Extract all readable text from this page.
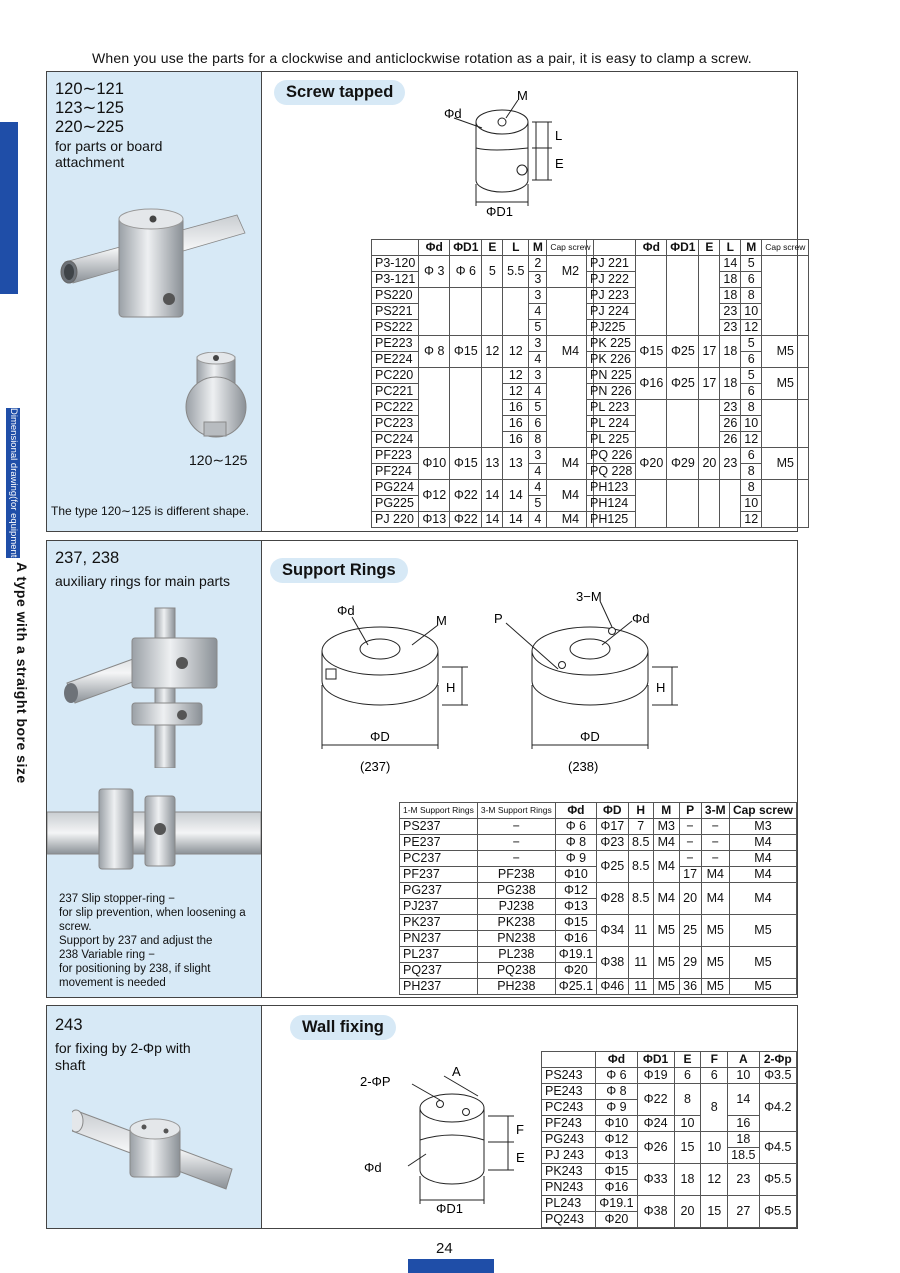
When you use the parts for a clockwise and anticlockwise rotation as a pair, it is easy to clamp a screw.
Dimensional drawing(for equipment-related)
A type with a straight bore size
120∼121
123∼125
220∼225
for parts or board
attachment
120∼125
The type 120∼125 is different shape.
Screw tapped	M
Φd
L
E
ΦD1
	Φd	ΦD1	E	L	M	Cap screw
P3-120	Φ 3	Φ 6	5	5.5	2	M2
P3-121					3	
PS220					3	
PS221					4	
PS222					5	
PE223	Φ 8	Φ15	12	12	3	M4
PE224					4	
PC220				12	3	
PC221				12	4	
PC222				16	5	
PC223				16	6	
PC224				16	8	
PF223	Φ10	Φ15	13	13	3	M4
PF224					4	
PG224	Φ12	Φ22	14	14	4	M4
PG225					5	
PJ 220	Φ13	Φ22	14	14	4	M4
	Φd	ΦD1	E	L	M	Cap screw
PJ 221				14	5	
PJ 222				18	6	
PJ 223				18	8	
PJ 224				23	10	
PJ225				23	12	
PK 225	Φ15	Φ25	17	18	5	M5
PK 226					6	
PN 225	Φ16	Φ25	17	18	5	M5
PN 226					6	
PL 223				23	8	
PL 224				26	10	
PL 225				26	12	
PQ 226	Φ20	Φ29	20	23	6	M5
PQ 228					8	
PH123					8	
PH124					10	
PH125					12	
237, 238
auxiliary rings for main parts
237 Slip stopper-ring −
for slip prevention, when loosening a
screw.
Support by 237 and adjust the
238 Variable ring −
for positioning by 238, if slight
movement is needed
Support Rings
Φd
M
H
ΦD
(237)
3−M
Φd
P
H
ΦD
(238)
1-M Support Rings	3-M Support Rings	Φd	ΦD	H	M	P	3-M	Cap screw
PS237	−	Φ 6	Φ17	7	M3	−	−	M3
PE237	−	Φ 8	Φ23	8.5	M4	−	−	M4
PC237	−	Φ 9	Φ25	8.5	M4	−	−	M4
PF237	PF238	Φ10				17	M4	M4
PG237	PG238	Φ12	Φ28	8.5	M4	20	M4	M4
PJ237	PJ238	Φ13						
PK237	PK238	Φ15	Φ34	11	M5	25	M5	M5
PN237	PN238	Φ16						
PL237	PL238	Φ19.1	Φ38	11	M5	29	M5	M5
PQ237	PQ238	Φ20						
PH237	PH238	Φ25.1	Φ46	11	M5	36	M5	M5
243
for fixing by 2-Φp with
shaft
Wall fixing
2-ΦP
A
Φd
F
E
ΦD1
	Φd	ΦD1	E	F	A	2-Φp
PS243	Φ 6	Φ19	6	6	10	Φ3.5
PE243	Φ 8	Φ22	8	8	14	Φ4.2
PC243	Φ 9					
PF243	Φ10	Φ24	10		16	
PG243	Φ12	Φ26	15	10	18	Φ4.5
PJ 243	Φ13				18.5	
PK243	Φ15	Φ33	18	12	23	Φ5.5
PN243	Φ16					
PL243	Φ19.1	Φ38	20	15	27	Φ5.5
PQ243	Φ20					
24
